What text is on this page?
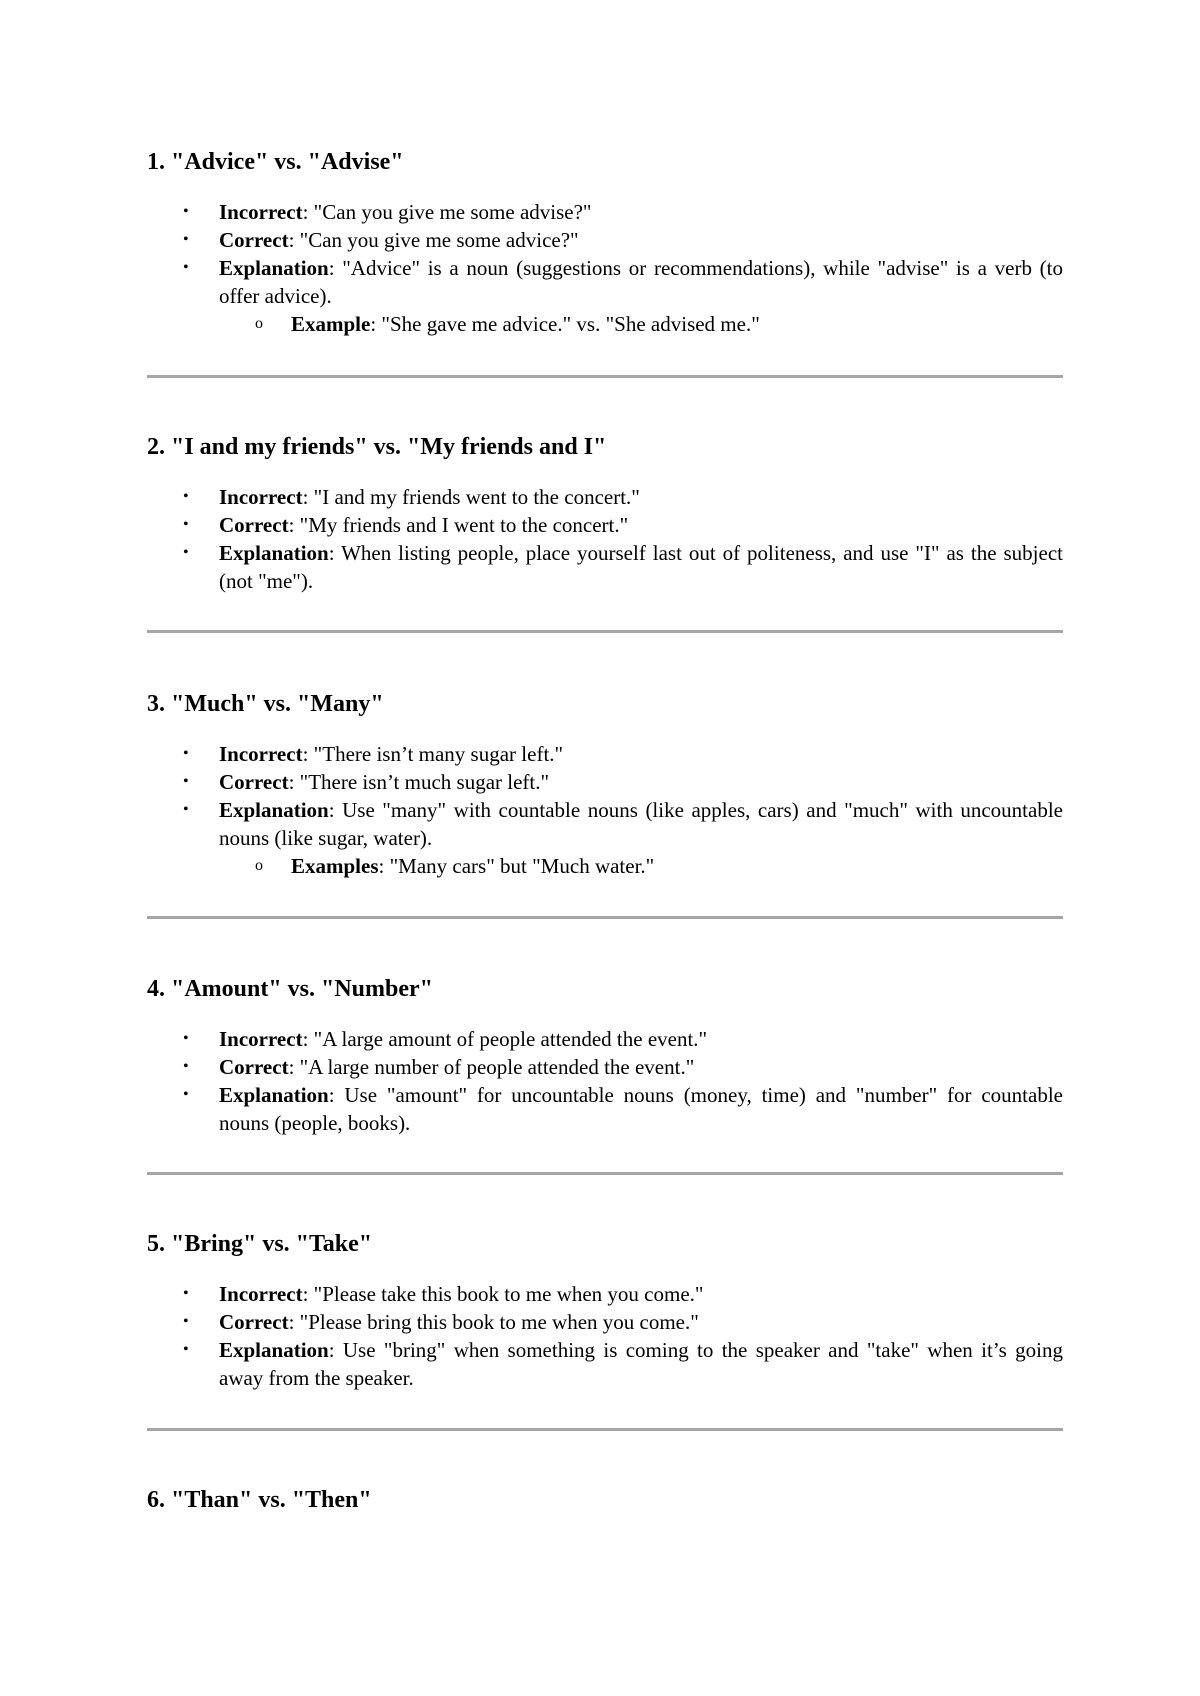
1. "Advice" vs. "Advise"
• Incorrect: "Can you give me some advise?"
• Correct: "Can you give me some advice?"
• Explanation: "Advice" is a noun (suggestions or recommendations), while "advise" is a verb (to offer advice).
o Example: "She gave me advice." vs. "She advised me."
2. "I and my friends" vs. "My friends and I"
• Incorrect: "I and my friends went to the concert."
• Correct: "My friends and I went to the concert."
• Explanation: When listing people, place yourself last out of politeness, and use "I" as the subject (not "me").
3. "Much" vs. "Many"
• Incorrect: "There isn’t many sugar left."
• Correct: "There isn’t much sugar left."
• Explanation: Use "many" with countable nouns (like apples, cars) and "much" with uncountable nouns (like sugar, water).
o Examples: "Many cars" but "Much water."
4. "Amount" vs. "Number"
• Incorrect: "A large amount of people attended the event."
• Correct: "A large number of people attended the event."
• Explanation: Use "amount" for uncountable nouns (money, time) and "number" for countable nouns (people, books).
5. "Bring" vs. "Take"
• Incorrect: "Please take this book to me when you come."
• Correct: "Please bring this book to me when you come."
• Explanation: Use "bring" when something is coming to the speaker and "take" when it’s going away from the speaker.
6. "Than" vs. "Then"
